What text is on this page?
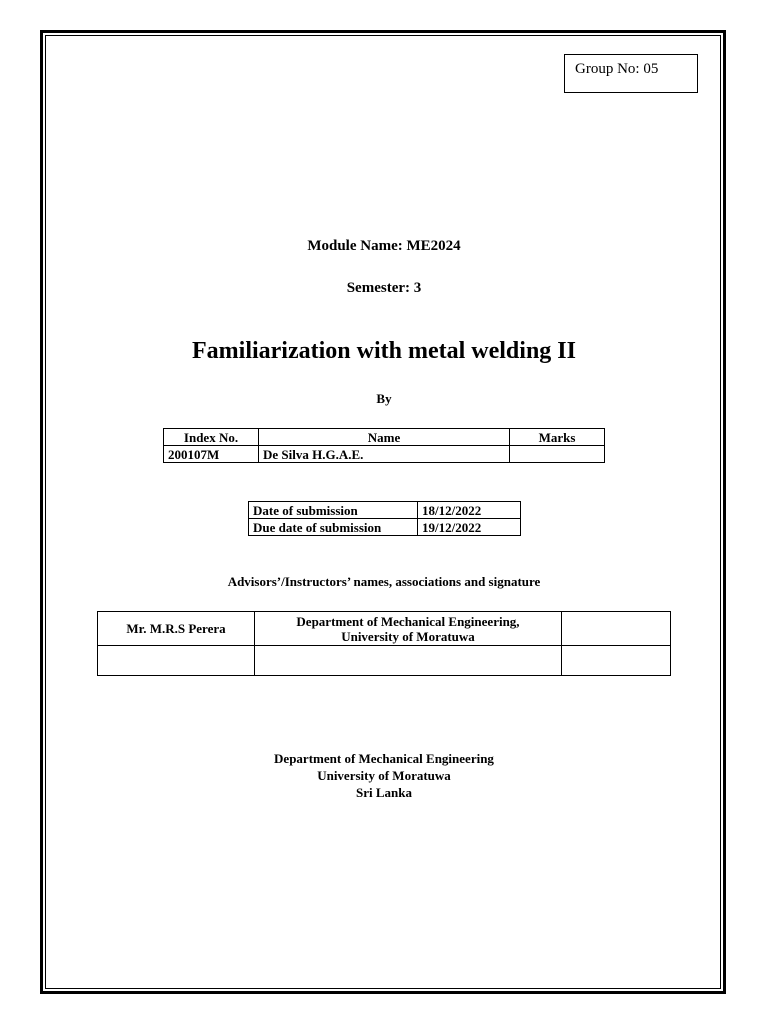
Group No: 05
Module Name: ME2024
Semester: 3
Familiarization with metal welding II
By
Index No.	Name	Marks
200107M	De Silva H.G.A.E.	
Date of submission	18/12/2022
Due date of submission	19/12/2022
Advisors’/Instructors’ names, associations and signature
Mr. M.R.S Perera	Department of Mechanical Engineering,
University of Moratuwa	

Department of Mechanical Engineering
University of Moratuwa
Sri Lanka
